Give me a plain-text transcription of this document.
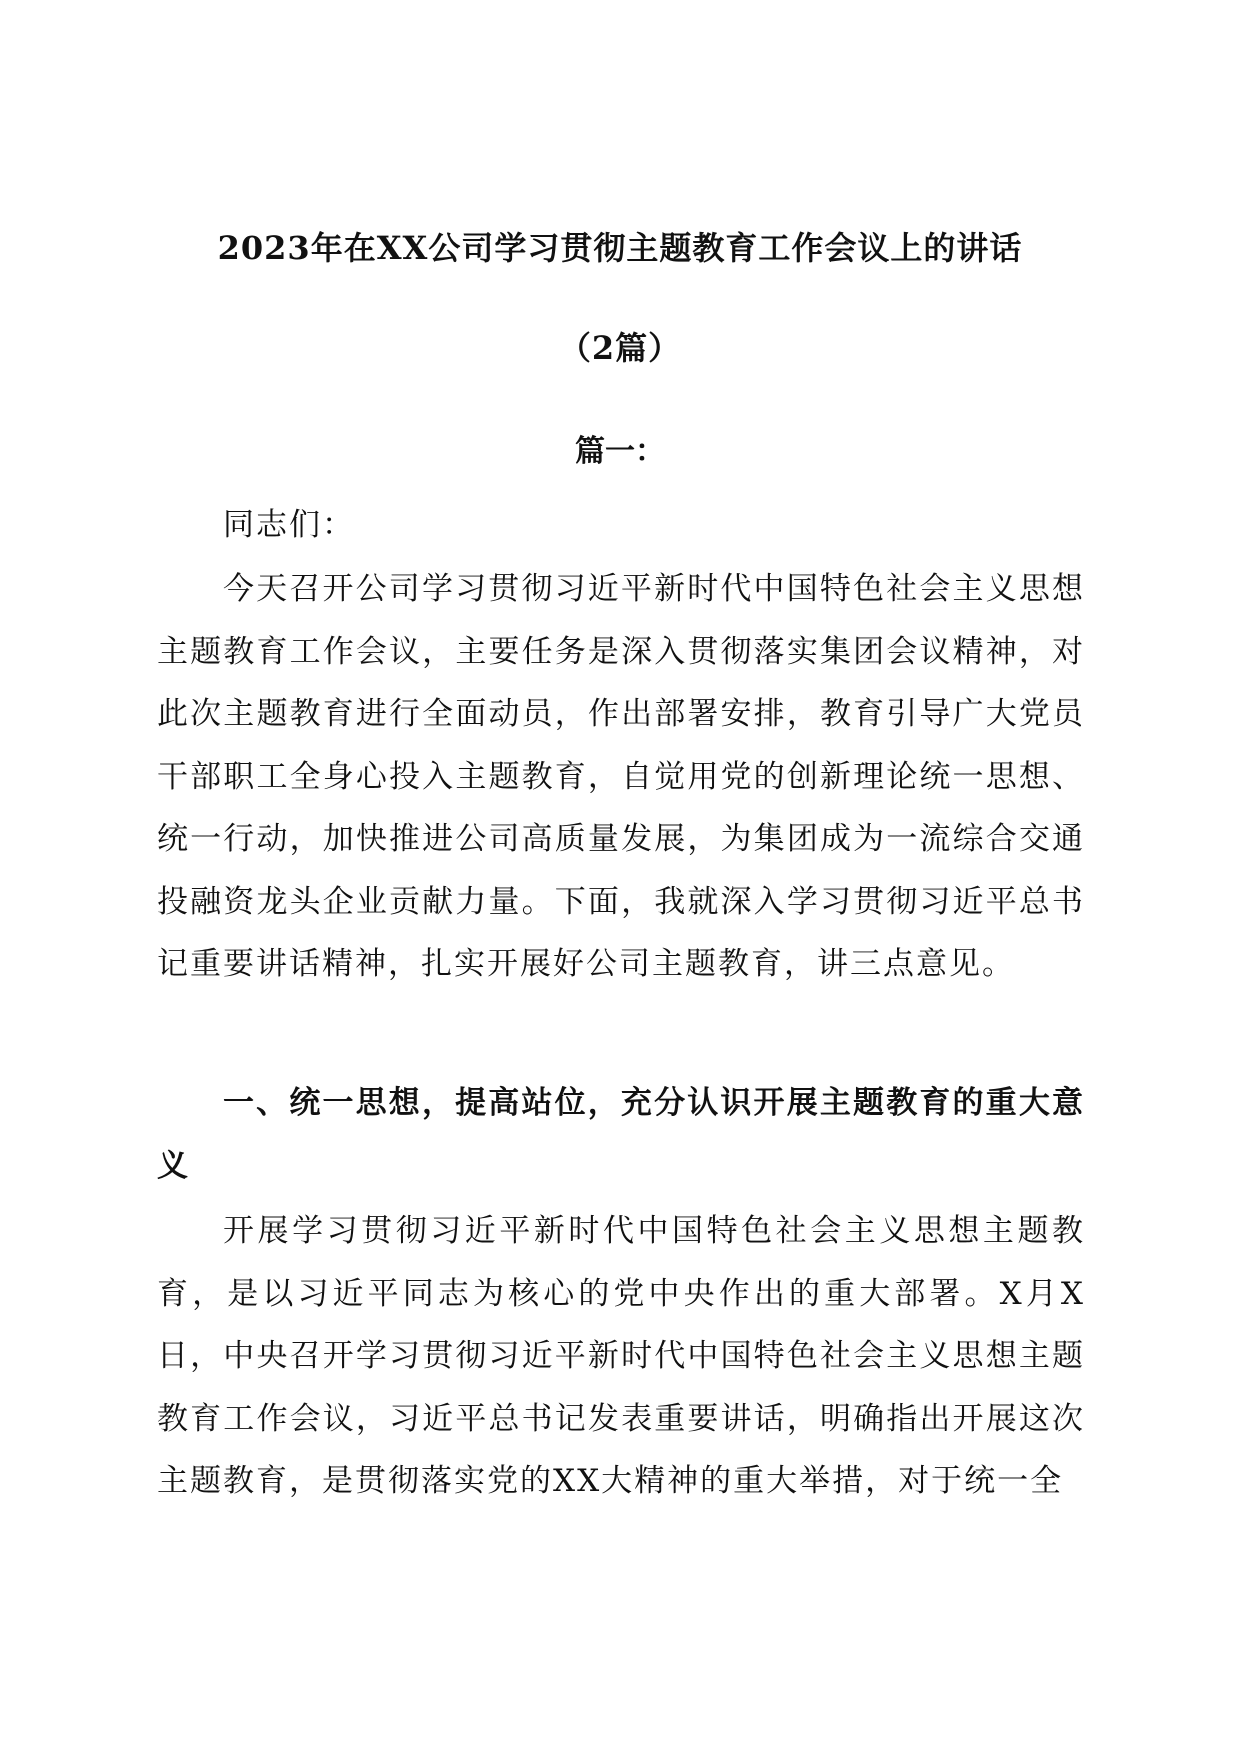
2023年在XX公司学习贯彻主题教育工作会议上的讲话
（2篇）
篇一：

同志们：

今天召开公司学习贯彻习近平新时代中国特色社会主义思想主题教育工作会议，主要任务是深入贯彻落实集团会议精神，对此次主题教育进行全面动员，作出部署安排，教育引导广大党员干部职工全身心投入主题教育，自觉用党的创新理论统一思想、统一行动，加快推进公司高质量发展，为集团成为一流综合交通投融资龙头企业贡献力量。下面，我就深入学习贯彻习近平总书记重要讲话精神，扎实开展好公司主题教育，讲三点意见。

一、统一思想，提高站位，充分认识开展主题教育的重大意义

开展学习贯彻习近平新时代中国特色社会主义思想主题教育，是以习近平同志为核心的党中央作出的重大部署。X月X日，中央召开学习贯彻习近平新时代中国特色社会主义思想主题教育工作会议，习近平总书记发表重要讲话，明确指出开展这次主题教育，是贯彻落实党的XX大精神的重大举措，对于统一全
